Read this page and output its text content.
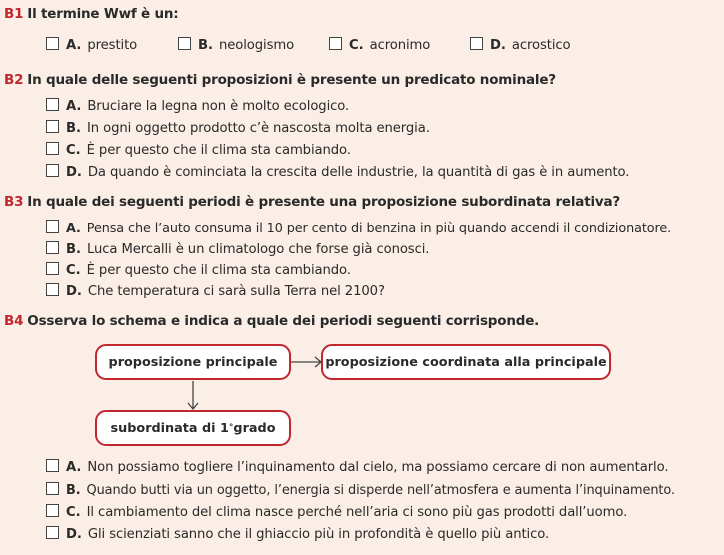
B1 Il termine Wwf è un:
A. prestito	B. neologismo	C. acronimo	D. acrostico
B2 In quale delle seguenti proposizioni è presente un predicato nominale?
A. Bruciare la legna non è molto ecologico.
B. In ogni oggetto prodotto c’è nascosta molta energia.
C. È per questo che il clima sta cambiando.
D. Da quando è cominciata la crescita delle industrie, la quantità di gas è in aumento.
B3 In quale dei seguenti periodi è presente una proposizione subordinata relativa?
A. Pensa che l’auto consuma il 10 per cento di benzina in più quando accendi il condizionatore.
B. Luca Mercalli è un climatologo che forse già conosci.
C. È per questo che il clima sta cambiando.
D. Che temperatura ci sarà sulla Terra nel 2100?
B4 Osserva lo schema e indica a quale dei periodi seguenti corrisponde.
proposizione principale	proposizione coordinata alla principale
subordinata di 1 ° grado
A. Non possiamo togliere l’inquinamento dal cielo, ma possiamo cercare di non aumentarlo.
B. Quando butti via un oggetto, l’energia si disperde nell’atmosfera e aumenta l’inquinamento.
C. Il cambiamento del clima nasce perché nell’aria ci sono più gas prodotti dall’uomo.
D. Gli scienziati sanno che il ghiaccio più in profondità è quello più antico.
